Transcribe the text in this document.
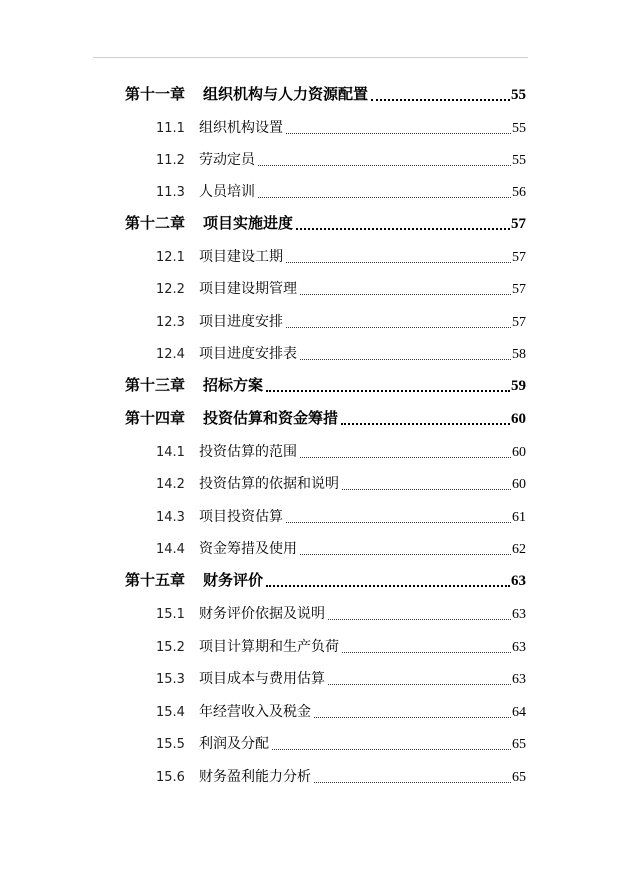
第十一章	组织机构与人力资源配置	55
11.1	组织机构设置	55
11.2	劳动定员	55
11.3	人员培训	56
第十二章	项目实施进度	57
12.1	项目建设工期	57
12.2	项目建设期管理	57
12.3	项目进度安排	57
12.4	项目进度安排表	58
第十三章	招标方案	59
第十四章	投资估算和资金筹措	60
14.1	投资估算的范围	60
14.2	投资估算的依据和说明	60
14.3	项目投资估算	61
14.4	资金筹措及使用	62
第十五章	财务评价	63
15.1	财务评价依据及说明	63
15.2	项目计算期和生产负荷	63
15.3	项目成本与费用估算	63
15.4	年经营收入及税金	64
15.5	利润及分配	65
15.6	财务盈利能力分析	65
